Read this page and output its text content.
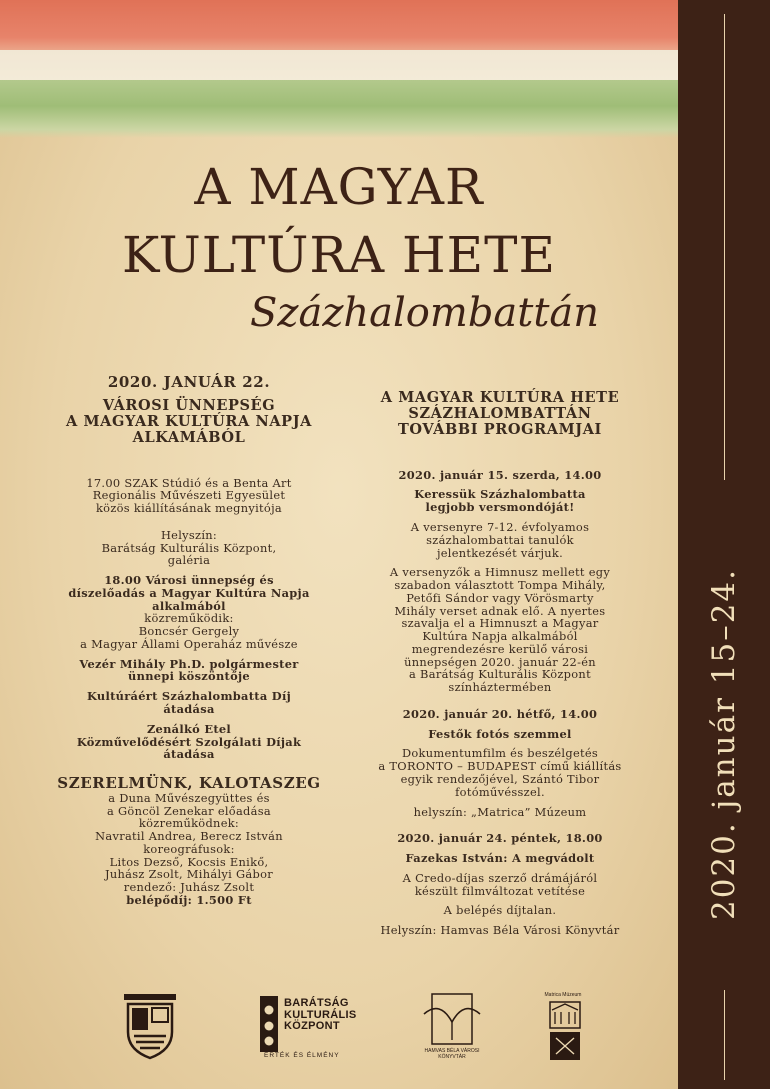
2020. január 15–24.
A MAGYAR
KULTÚRA HETE
Százhalombattán

2020. JANUÁR 22.

VÁROSI ÜNNEPSÉG

A MAGYAR KULTÚRA NAPJA

ALKAMÁBÓL

17.00 SZAK Stúdió és a Benta Art

Regionális Művészeti Egyesület

közös kiállításának megnyitója

Helyszín:

Barátság Kulturális Központ,

galéria

18.00 Városi ünnepség és

díszelőadás a Magyar Kultúra Napja

alkalmából

közreműködik:

Boncsér Gergely

a Magyar Állami Operaház művésze

Vezér Mihály Ph.D. polgármester

ünnepi köszöntője

Kultúráért Százhalombatta Díj

átadása

Zenálkó Etel

Közművelődésért Szolgálati Díjak

átadása

SZERELMÜNK, KALOTASZEG

a Duna Művészegyüttes és

a Göncöl Zenekar előadása

közreműködnek:

Navratil Andrea, Berecz István

koreográfusok:

Litos Dezső, Kocsis Enikő,

Juhász Zsolt, Mihályi Gábor

rendező: Juhász Zsolt

belépődíj: 1.500 Ft

A MAGYAR KULTÚRA HETE

SZÁZHALOMBATTÁN

TOVÁBBI PROGRAMJAI

2020. január 15. szerda, 14.00

Keressük Százhalombatta

legjobb versmondóját!

A versenyre 7-12. évfolyamos

százhalombattai tanulók

jelentkezését várjuk.

A versenyzők a Himnusz mellett egy

szabadon választott Tompa Mihály,

Petőfi Sándor vagy Vörösmarty

Mihály verset adnak elő. A nyertes

szavalja el a Himnuszt a Magyar

Kultúra Napja alkalmából

megrendezésre kerülő városi

ünnepségen 2020. január 22-én

a Barátság Kulturális Központ

színháztermében

2020. január 20. hétfő, 14.00

Festők fotós szemmel

Dokumentumfilm és beszélgetés

a TORONTO – BUDAPEST című kiállítás

egyik rendezőjével, Szántó Tibor

fotóművésszel.

helyszín: „Matrica” Múzeum

2020. január 24. péntek, 18.00

Fazekas István: A megvádolt

A Credo-díjas szerző drámájáról

készült filmváltozat vetítése

A belépés díjtalan.

Helyszín: Hamvas Béla Városi Könyvtár

BARÁTSÁG
KULTURÁLIS
KÖZPONT
ÉRTÉK ÉS ÉLMÉNY
HAMVAS BÉLA VÁROSI KÖNYVTÁR
Matrica Múzeum
